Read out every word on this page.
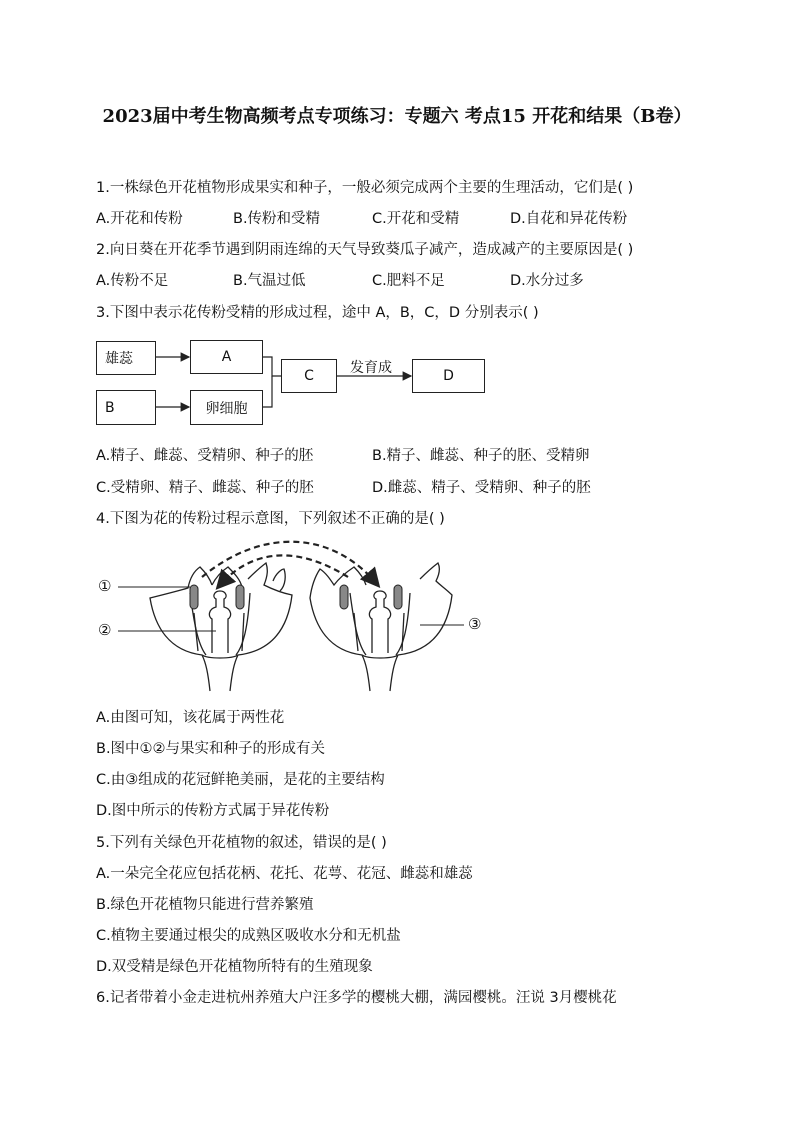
2023届中考生物高频考点专项练习：专题六 考点15 开花和结果（B卷）
1.一株绿色开花植物形成果实和种子，一般必须完成两个主要的生理活动，它们是( )
A.开花和传粉	B.传粉和受精	C.开花和受精	D.自花和异花传粉
2.向日葵在开花季节遇到阴雨连绵的天气导致葵瓜子减产，造成减产的主要原因是( )
A.传粉不足	B.气温过低	C.肥料不足	D.水分过多
3.下图中表示花传粉受精的形成过程，途中 A，B，C，D 分别表示( )
雄蕊	A
B	卵细胞
C	D
发育成
A.精子、雌蕊、受精卵、种子的胚	B.精子、雌蕊、种子的胚、受精卵
C.受精卵、精子、雌蕊、种子的胚	D.雌蕊、精子、受精卵、种子的胚
4.下图为花的传粉过程示意图，下列叙述不正确的是( )
①
②	③
A.由图可知，该花属于两性花
B.图中①②与果实和种子的形成有关
C.由③组成的花冠鲜艳美丽，是花的主要结构
D.图中所示的传粉方式属于异花传粉
5.下列有关绿色开花植物的叙述，错误的是( )
A.一朵完全花应包括花柄、花托、花萼、花冠、雌蕊和雄蕊
B.绿色开花植物只能进行营养繁殖
C.植物主要通过根尖的成熟区吸收水分和无机盐
D.双受精是绿色开花植物所特有的生殖现象
6.记者带着小金走进杭州养殖大户汪多学的樱桃大棚，满园樱桃。汪说 3月樱桃花
